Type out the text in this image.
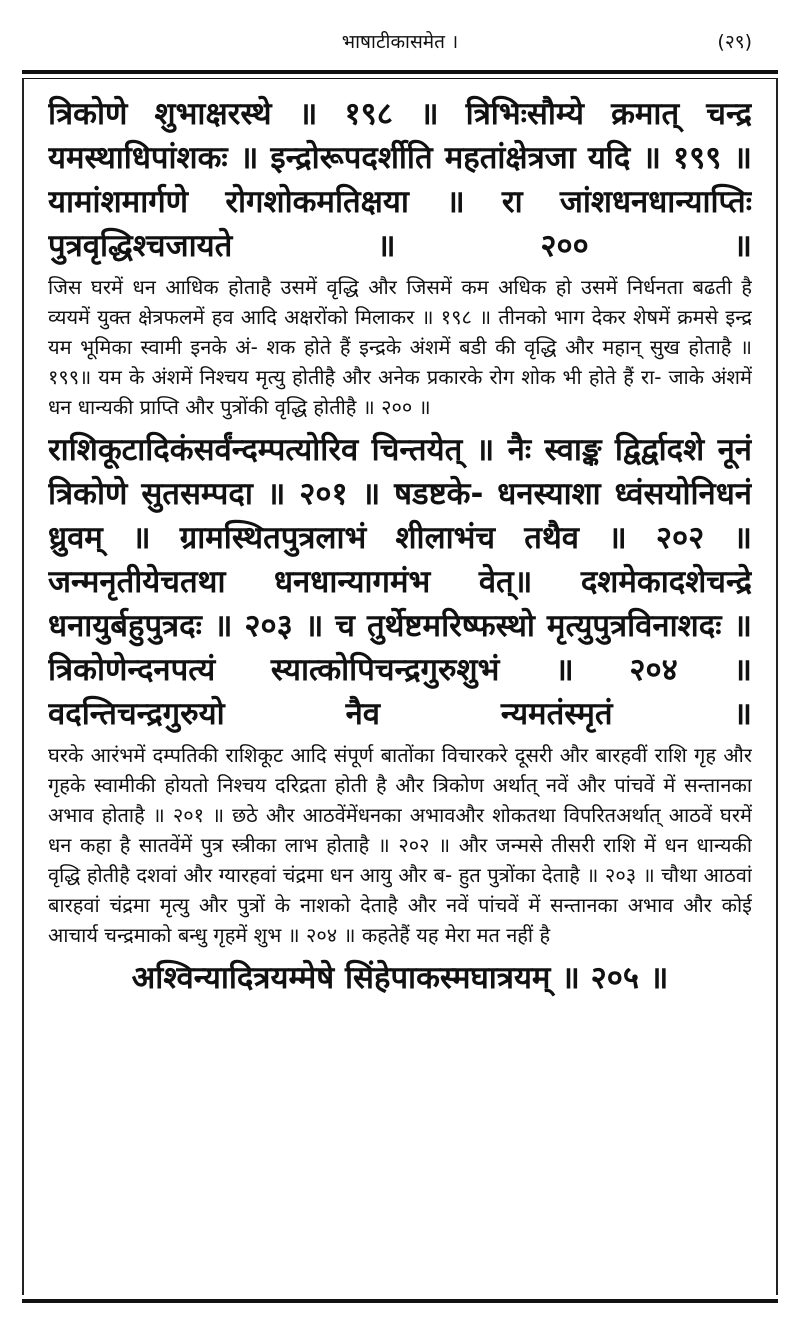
भाषाटीकासमेत ।	(२९)

त्रिकोणे शुभाक्षरस्थे ॥ १९८ ॥ त्रिभिःसौम्ये क्रमात् चन्द्र यमस्थाधिपांशकः ॥ इन्द्रोरूपदर्शीति महतांक्षेत्रजा यदि ॥ १९९ ॥ यामांशमार्गणे रोगशोकमतिक्षया ॥ रा जांशधनधान्याप्तिः पुत्रवृद्धिश्चजायते ॥ २०० ॥

जिस घरमें धन आधिक होताहै उसमें वृद्धि और जिसमें कम अधिक हो उसमें निर्धनता बढती है व्ययमें युक्त क्षेत्रफलमें हव आदि अक्षरोंको मिलाकर ॥ १९८ ॥ तीनको भाग देकर शेषमें क्रमसे इन्द्र यम भूमिका स्वामी इनके अं- शक होते हैं इन्द्रके अंशमें बडी की वृद्धि और महान् सुख होताहै ॥ १९९॥ यम के अंशमें निश्चय मृत्यु होतीहै और अनेक प्रकारके रोग शोक भी होते हैं रा- जाके अंशमें धन धान्यकी प्राप्ति और पुत्रोंकी वृद्धि होतीहै ॥ २०० ॥

राशिकूटादिकंसर्वंन्दम्पत्योरिव चिन्तयेत् ॥ नैः स्वाङ्क द्विर्द्वादशे नूनं त्रिकोणे सुतसम्पदा ॥ २०१ ॥ षडष्टके- धनस्याशा ध्वंसयोनिधनं ध्रुवम् ॥ ग्रामस्थितपुत्रलाभं शीलाभंच तथैव ॥ २०२ ॥ जन्मनृतीयेचतथा धनधान्यागमंभ वेत्॥ दशमेकादशेचन्द्रे धनायुर्बहुपुत्रदः ॥ २०३ ॥ च तुर्थेष्टमरिष्फस्थो मृत्युपुत्रविनाशदः ॥ त्रिकोणेन्दनपत्यं स्यात्कोपिचन्द्रगुरुशुभं ॥ २०४ ॥ वदन्तिचन्द्रगुरुयो नैव न्यमतंस्मृतं ॥

घरके आरंभमें दम्पतिकी राशिकूट आदि संपूर्ण बातोंका विचारकरे दूसरी और बारहवीं राशि गृह और गृहके स्वामीकी होयतो निश्चय दरिद्रता होती है और त्रिकोण अर्थात् नवें और पांचवें में सन्तानका अभाव होताहै ॥ २०१ ॥ छठे और आठवेंमेंधनका अभावऔर शोकतथा विपरितअर्थात् आठवें घरमें धन कहा है सातवेंमें पुत्र स्त्रीका लाभ होताहै ॥ २०२ ॥ और जन्मसे तीसरी राशि में धन धान्यकी वृद्धि होतीहै दशवां और ग्यारहवां चंद्रमा धन आयु और ब- हुत पुत्रोंका देताहै ॥ २०३ ॥ चौथा आठवां बारहवां चंद्रमा मृत्यु और पुत्रों के नाशको देताहै और नवें पांचवें में सन्तानका अभाव और कोई आचार्य चन्द्रमाको बन्धु गृहमें शुभ ॥ २०४ ॥ कहतेहैं यह मेरा मत नहीं है

अश्विन्यादित्रयम्मेषे सिंहेपाकस्मघात्रयम् ॥ २०५ ॥
